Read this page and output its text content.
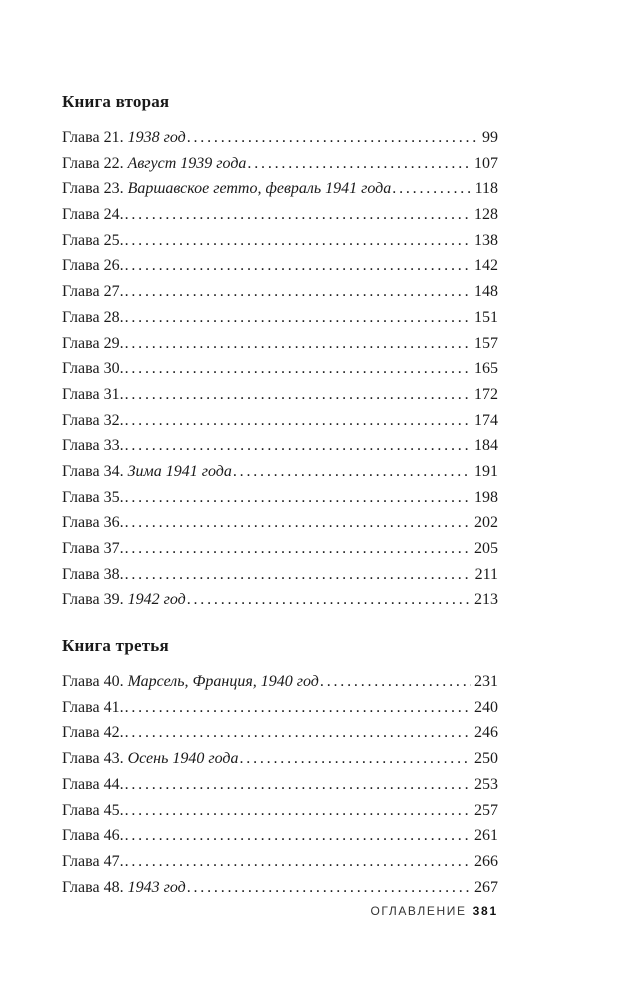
Книга вторая
Глава 21. 1938 год . . .	99
Глава 22. Август 1939 года . . .	107
Глава 23. Варшавское гетто, февраль 1941 года . . .	118
Глава 24. . . .	128
Глава 25. . . .	138
Глава 26. . . .	142
Глава 27. . . .	148
Глава 28. . . .	151
Глава 29. . . .	157
Глава 30. . . .	165
Глава 31. . . .	172
Глава 32. . . .	174
Глава 33. . . .	184
Глава 34. Зима 1941 года . . .	191
Глава 35. . . .	198
Глава 36. . . .	202
Глава 37. . . .	205
Глава 38. . . .	211
Глава 39. 1942 год . . .	213
Книга третья
Глава 40. Марсель, Франция, 1940 год . . .	231
Глава 41. . . .	240
Глава 42. . . .	246
Глава 43. Осень 1940 года . . .	250
Глава 44. . . .	253
Глава 45. . . .	257
Глава 46. . . .	261
Глава 47. . . .	266
Глава 48. 1943 год . . .	267
ОГЛАВЛЕНИЕ 381
